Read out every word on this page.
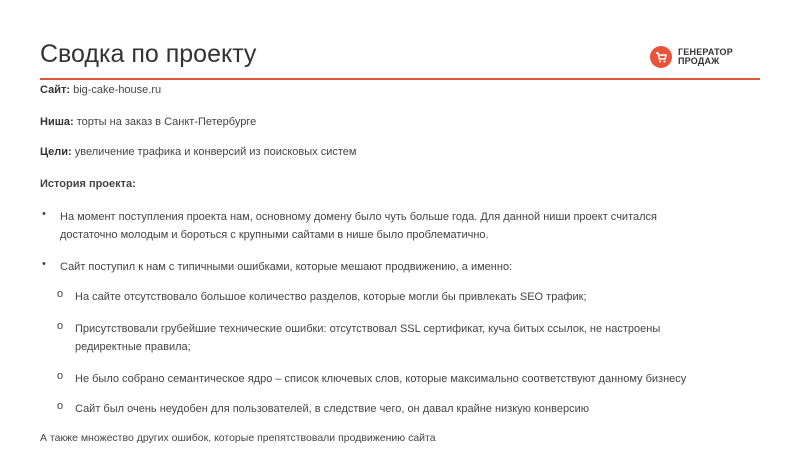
Сводка по проекту	ГЕНЕРАТОР
ПРОДАЖ
Сайт: big-cake-house.ru
Ниша: торты на заказ в Санкт-Петербурге
Цели: увеличение трафика и конверсий из поисковых систем
История проекта:
• На момент поступления проекта нам, основному домену было чуть больше года. Для данной ниши проект считался
достаточно молодым и бороться с крупными сайтами в нише было проблематично.
• Сайт поступил к нам с типичными ошибками, которые мешают продвижению, а именно:
o На сайте отсутствовало большое количество разделов, которые могли бы привлекать SEO трафик;
o Присутствовали грубейшие технические ошибки: отсутствовал SSL сертификат, куча битых ссылок, не настроены
редиректные правила;
o Не было собрано семантическое ядро – список ключевых слов, которые максимально соответствуют данному бизнесу
o Сайт был очень неудобен для пользователей, в следствие чего, он давал крайне низкую конверсию
А также множество других ошибок, которые препятствовали продвижению сайта
